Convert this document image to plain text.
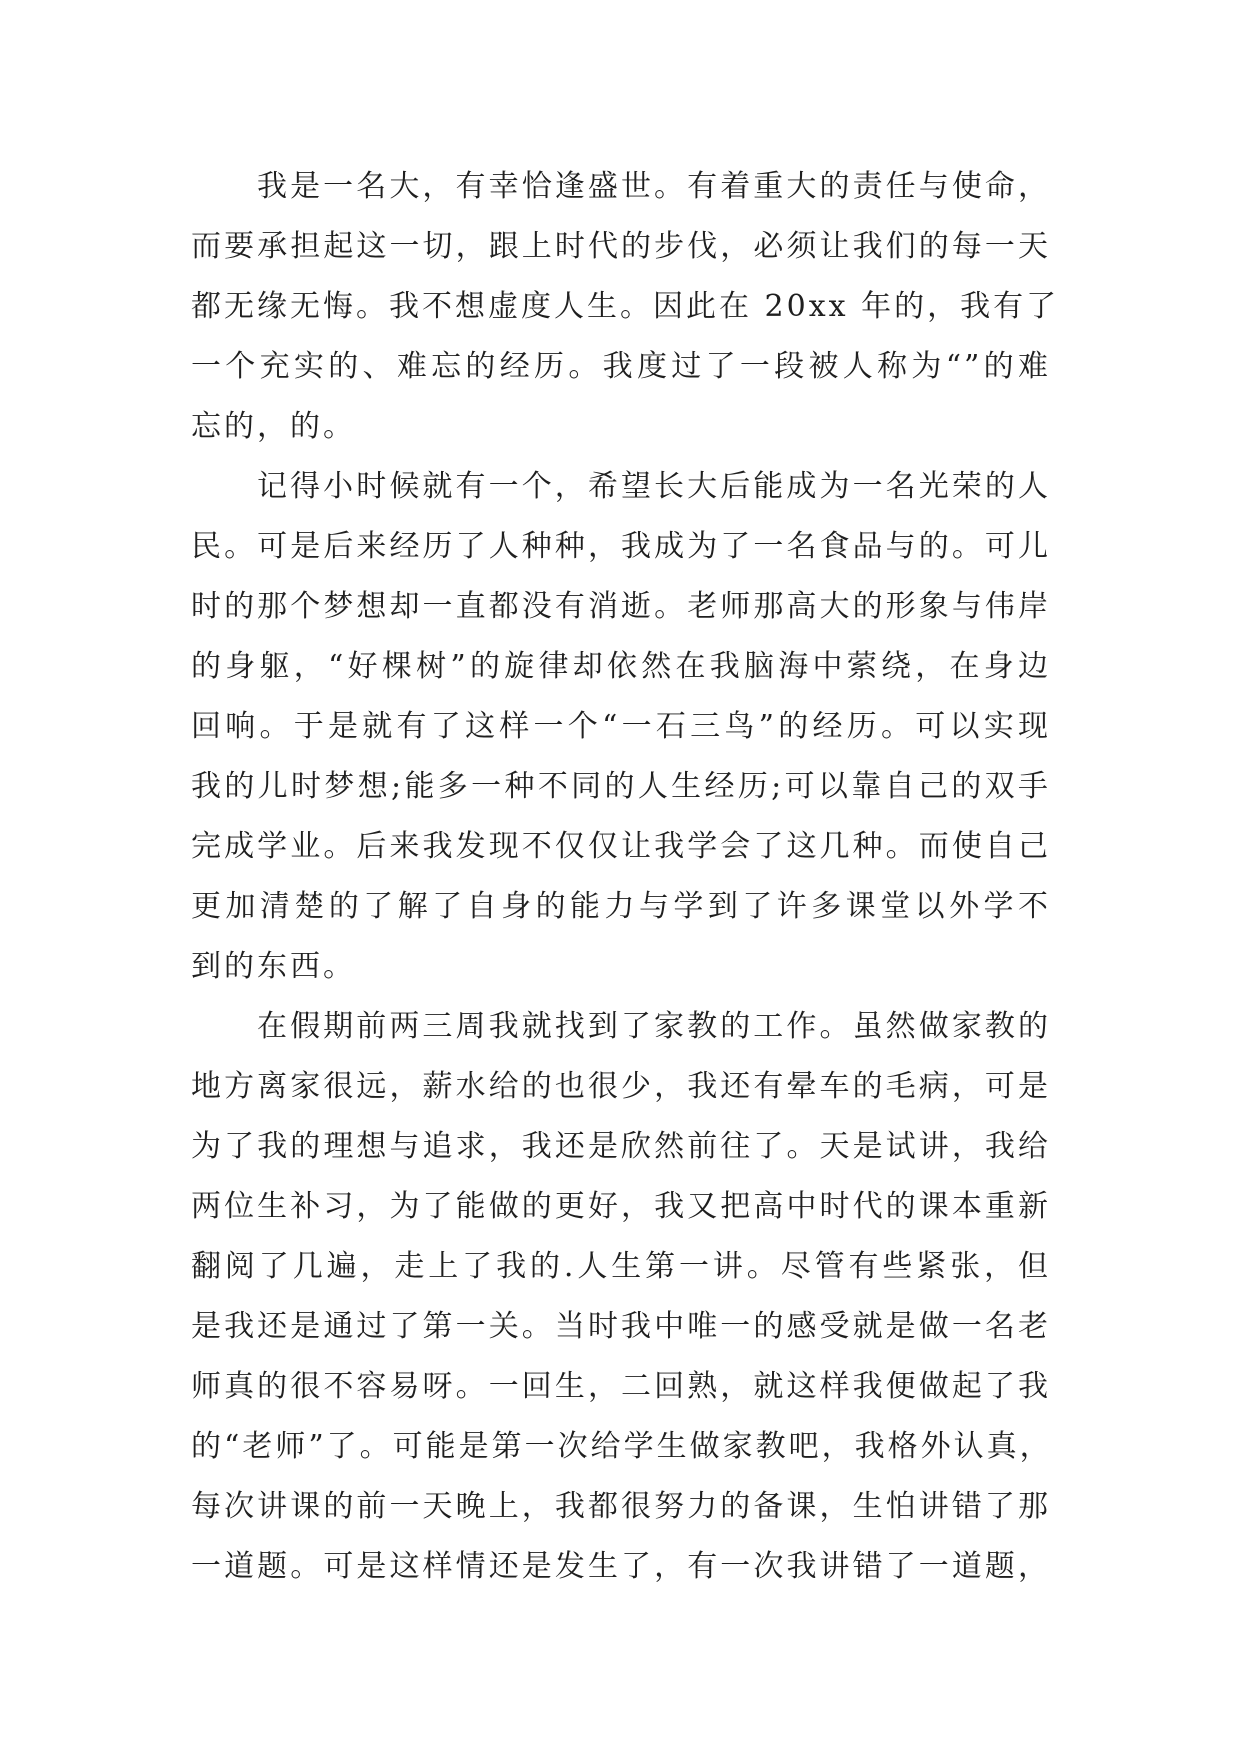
我是一名大，有幸恰逢盛世。有着重大的责任与使命，
而要承担起这一切，跟上时代的步伐，必须让我们的每一天
都无缘无悔。我不想虚度人生。因此在 20xx 年的，我有了
一个充实的、难忘的经历。我度过了一段被人称为“”的难
忘的，的。
记得小时候就有一个，希望长大后能成为一名光荣的人
民。可是后来经历了人种种，我成为了一名食品与的。可儿
时的那个梦想却一直都没有消逝。老师那高大的形象与伟岸
的身躯，“好棵树”的旋律却依然在我脑海中萦绕，在身边
回响。于是就有了这样一个“一石三鸟”的经历。可以实现
我的儿时梦想;能多一种不同的人生经历;可以靠自己的双手
完成学业。后来我发现不仅仅让我学会了这几种。而使自己
更加清楚的了解了自身的能力与学到了许多课堂以外学不
到的东西。
在假期前两三周我就找到了家教的工作。虽然做家教的
地方离家很远，薪水给的也很少，我还有晕车的毛病，可是
为了我的理想与追求，我还是欣然前往了。天是试讲，我给
两位生补习，为了能做的更好，我又把高中时代的课本重新
翻阅了几遍，走上了我的.人生第一讲。尽管有些紧张，但
是我还是通过了第一关。当时我中唯一的感受就是做一名老
师真的很不容易呀。一回生，二回熟，就这样我便做起了我
的“老师”了。可能是第一次给学生做家教吧，我格外认真，
每次讲课的前一天晚上，我都很努力的备课，生怕讲错了那
一道题。可是这样情还是发生了，有一次我讲错了一道题，
